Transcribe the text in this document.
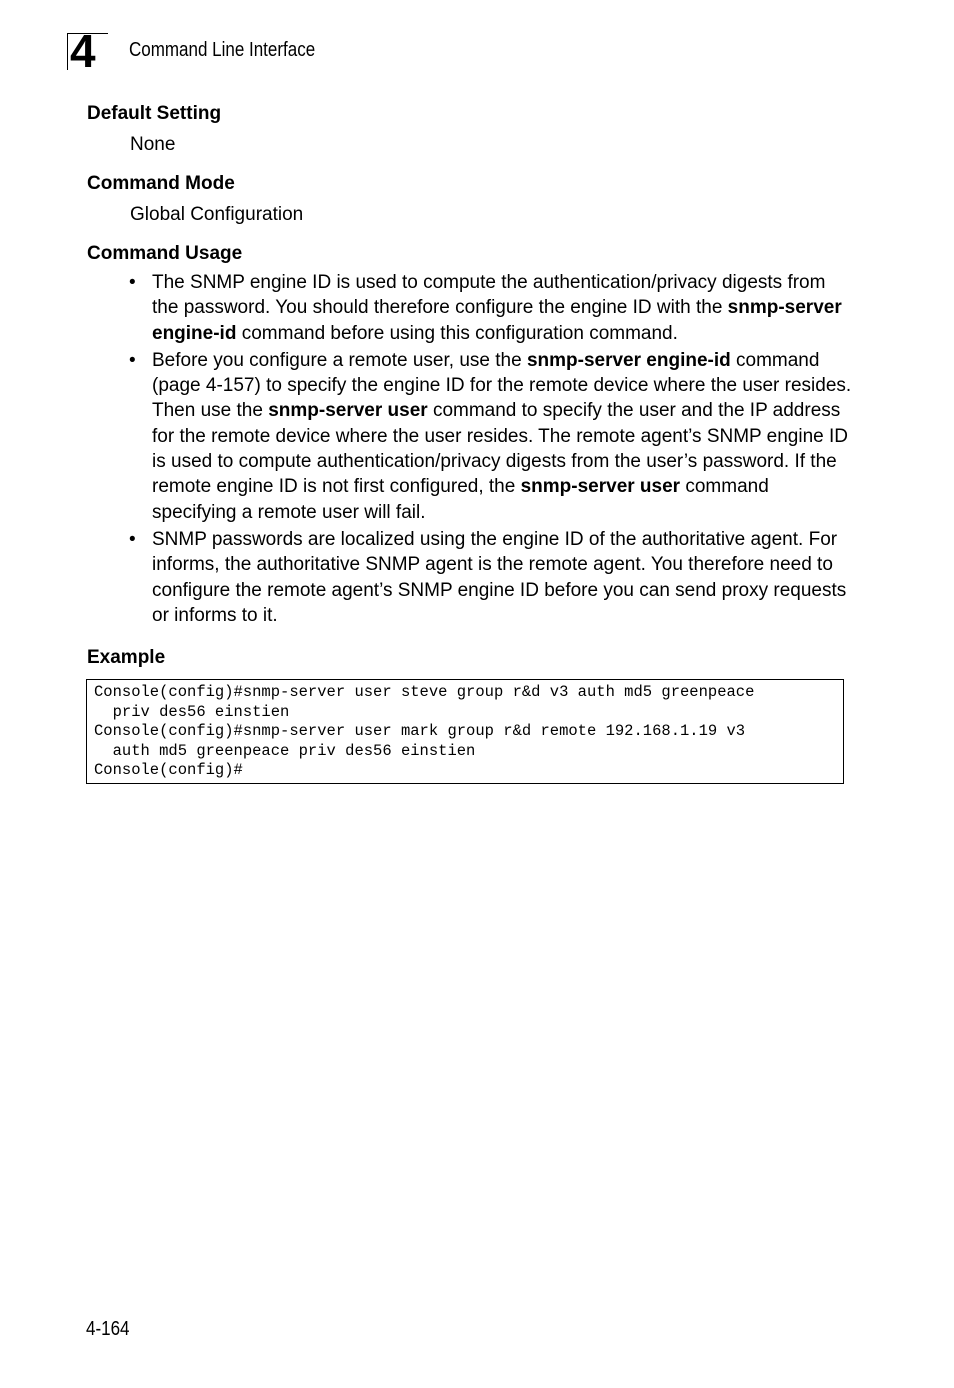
4 Command Line Interface
Default Setting
None
Command Mode
Global Configuration
Command Usage
• The SNMP engine ID is used to compute the authentication/privacy digests from the password. You should therefore configure the engine ID with the snmp-server engine-id command before using this configuration command.
• Before you configure a remote user, use the snmp-server engine-id command (page 4-157) to specify the engine ID for the remote device where the user resides. Then use the snmp-server user command to specify the user and the IP address for the remote device where the user resides. The remote agent’s SNMP engine ID is used to compute authentication/privacy digests from the user’s password. If the remote engine ID is not first configured, the snmp-server user command specifying a remote user will fail.
• SNMP passwords are localized using the engine ID of the authoritative agent. For informs, the authoritative SNMP agent is the remote agent. You therefore need to configure the remote agent’s SNMP engine ID before you can send proxy requests or informs to it.
Example
Console(config)#snmp-server user steve group r&d v3 auth md5 greenpeace
priv des56 einstien
Console(config)#snmp-server user mark group r&d remote 192.168.1.19 v3
auth md5 greenpeace priv des56 einstien
Console(config)#
4-164
